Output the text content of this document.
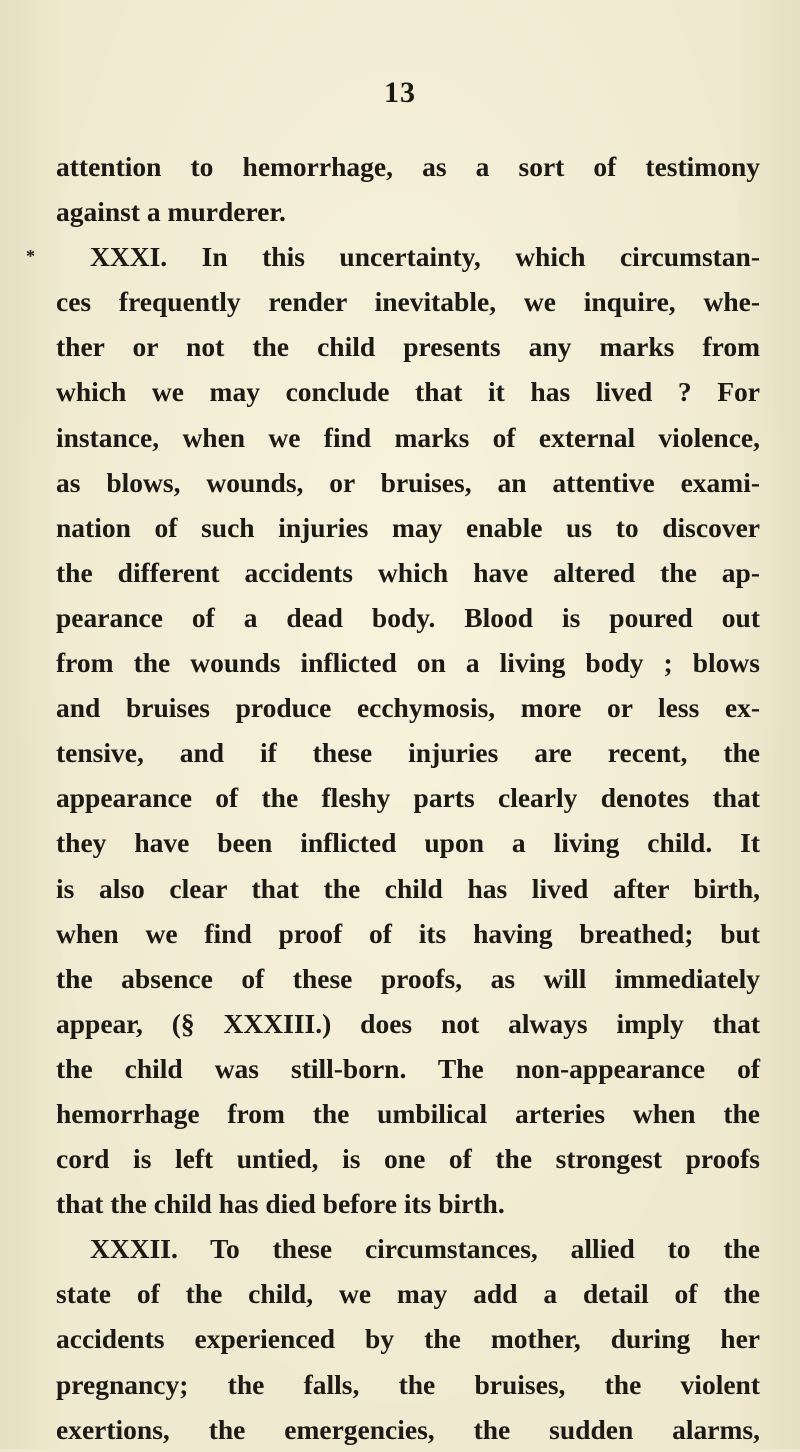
13
*
attention to hemorrhage, as a sort of testimony
against a murderer.
XXXI. In this uncertainty, which circumstan-
ces frequently render inevitable, we inquire, whe-
ther or not the child presents any marks from
which we may conclude that it has lived ? For
instance, when we find marks of external violence,
as blows, wounds, or bruises, an attentive exami-
nation of such injuries may enable us to discover
the different accidents which have altered the ap-
pearance of a dead body. Blood is poured out
from the wounds inflicted on a living body ; blows
and bruises produce ecchymosis, more or less ex-
tensive, and if these injuries are recent, the
appearance of the fleshy parts clearly denotes that
they have been inflicted upon a living child. It
is also clear that the child has lived after birth,
when we find proof of its having breathed; but
the absence of these proofs, as will immediately
appear, (§ XXXIII.) does not always imply that
the child was still-born. The non-appearance of
hemorrhage from the umbilical arteries when the
cord is left untied, is one of the strongest proofs
that the child has died before its birth.
XXXII. To these circumstances, allied to the
state of the child, we may add a detail of the
accidents experienced by the mother, during her
pregnancy; the falls, the bruises, the violent
exertions, the emergencies, the sudden alarms,
